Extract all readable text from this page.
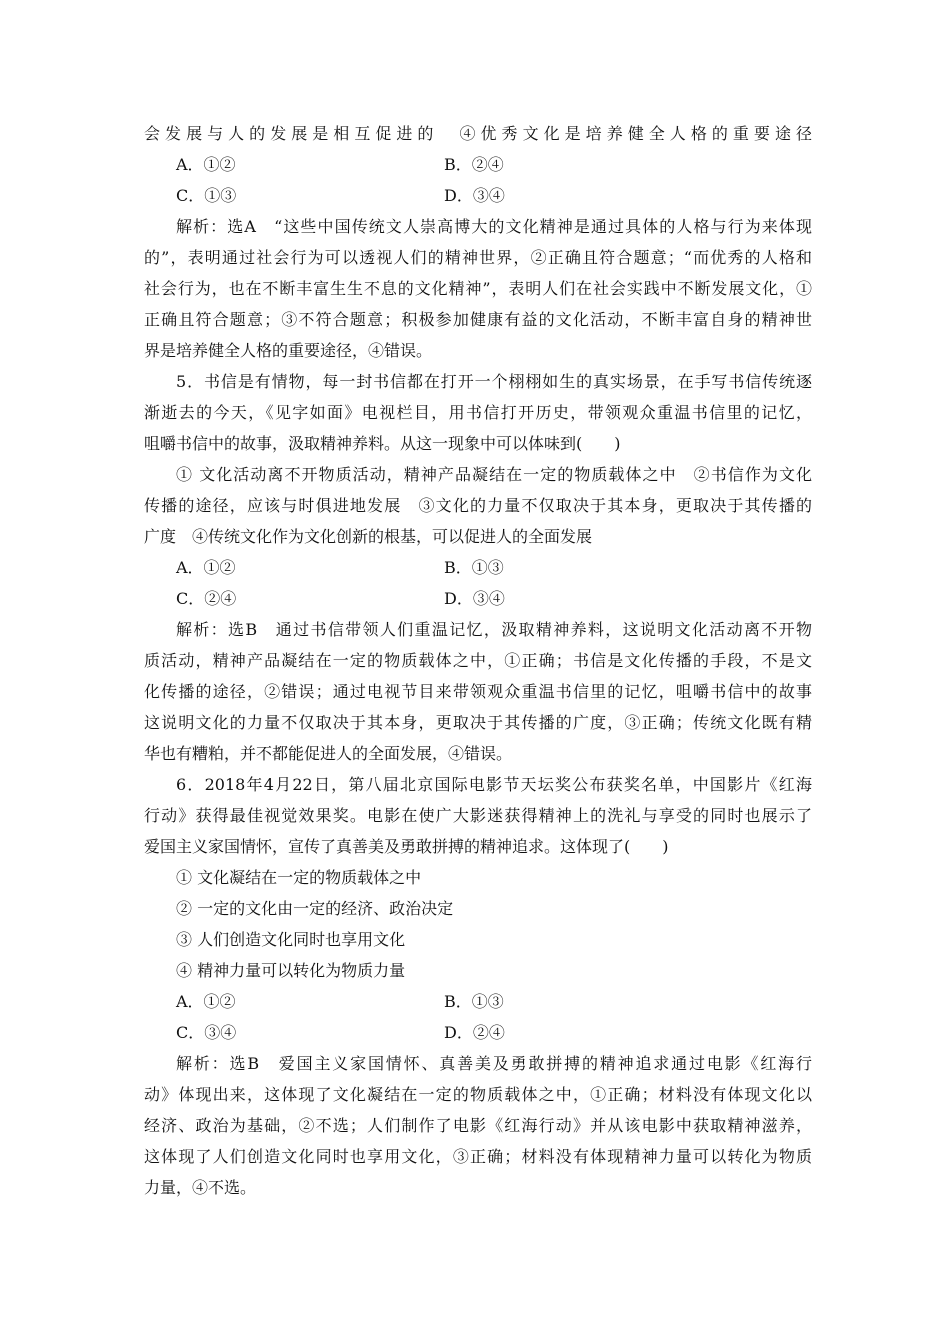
会发展与人的发展是相互促进的　④优秀文化是培养健全人格的重要途径
A．①②	B．②④
C．①③	D．③④
解析：选A　“这些中国传统文人崇高博大的文化精神是通过具体的人格与行为来体现
的”，表明通过社会行为可以透视人们的精神世界，②正确且符合题意；“而优秀的人格和
社会行为，也在不断丰富生生不息的文化精神”，表明人们在社会实践中不断发展文化，①
正确且符合题意；③不符合题意；积极参加健康有益的文化活动，不断丰富自身的精神世
界是培养健全人格的重要途径，④错误。
5．书信是有情物，每一封书信都在打开一个栩栩如生的真实场景，在手写书信传统逐
渐逝去的今天，《见字如面》电视栏目，用书信打开历史，带领观众重温书信里的记忆，
咀嚼书信中的故事，汲取精神养料。从这一现象中可以体味到(　　)
① 文化活动离不开物质活动，精神产品凝结在一定的物质载体之中　②书信作为文化
传播的途径，应该与时俱进地发展　③文化的力量不仅取决于其本身，更取决于其传播的
广度　④传统文化作为文化创新的根基，可以促进人的全面发展
A．①②	B．①③
C．②④	D．③④
解析：选B　通过书信带领人们重温记忆，汲取精神养料，这说明文化活动离不开物
质活动，精神产品凝结在一定的物质载体之中，①正确；书信是文化传播的手段，不是文
化传播的途径，②错误；通过电视节目来带领观众重温书信里的记忆，咀嚼书信中的故事
这说明文化的力量不仅取决于其本身，更取决于其传播的广度，③正确；传统文化既有精
华也有糟粕，并不都能促进人的全面发展，④错误。
6．2018年4月22日，第八届北京国际电影节天坛奖公布获奖名单，中国影片《红海
行动》获得最佳视觉效果奖。电影在使广大影迷获得精神上的洗礼与享受的同时也展示了
爱国主义家国情怀，宣传了真善美及勇敢拼搏的精神追求。这体现了(　　)
① 文化凝结在一定的物质载体之中
② 一定的文化由一定的经济、政治决定
③ 人们创造文化同时也享用文化
④ 精神力量可以转化为物质力量
A．①②	B．①③
C．③④	D．②④
解析：选B　爱国主义家国情怀、真善美及勇敢拼搏的精神追求通过电影《红海行
动》体现出来，这体现了文化凝结在一定的物质载体之中，①正确；材料没有体现文化以
经济、政治为基础，②不选；人们制作了电影《红海行动》并从该电影中获取精神滋养，
这体现了人们创造文化同时也享用文化，③正确；材料没有体现精神力量可以转化为物质
力量，④不选。
